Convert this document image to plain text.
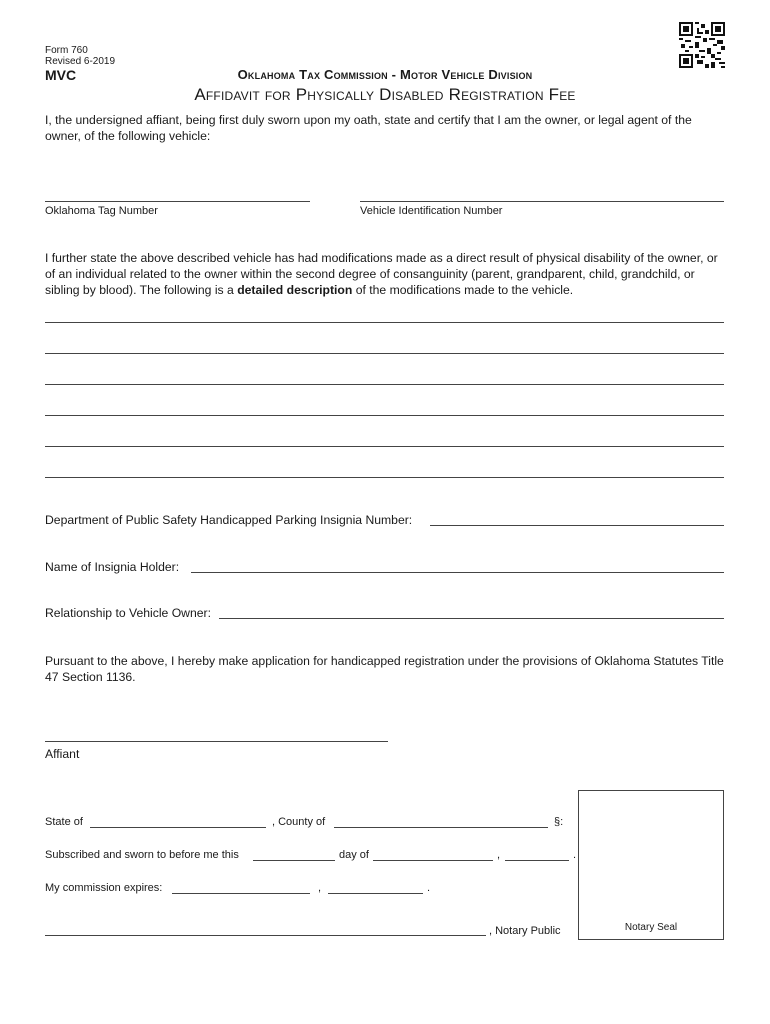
Form 760
Revised 6-2019
MVC	Oklahoma Tax Commission - Motor Vehicle Division
Affidavit for Physically Disabled Registration Fee
I, the undersigned affiant, being first duly sworn upon my oath, state and certify that I am the owner, or legal agent of the owner, of the following vehicle:
Oklahoma Tag Number	Vehicle Identification Number
I further state the above described vehicle has had modifications made as a direct result of physical disability of the owner, or of an individual related to the owner within the second degree of consanguinity (parent, grandparent, child, grandchild, or sibling by blood). The following is a detailed description of the modifications made to the vehicle.
Department of Public Safety Handicapped Parking Insignia Number:
Name of Insignia Holder:
Relationship to Vehicle Owner:
Pursuant to the above, I hereby make application for handicapped registration under the provisions of Oklahoma Statutes Title 47 Section 1136.
Affiant
State of	, County of	§:
Subscribed and sworn to before me this	day of	,	.
My commission expires:	,	.
, Notary Public	Notary Seal
